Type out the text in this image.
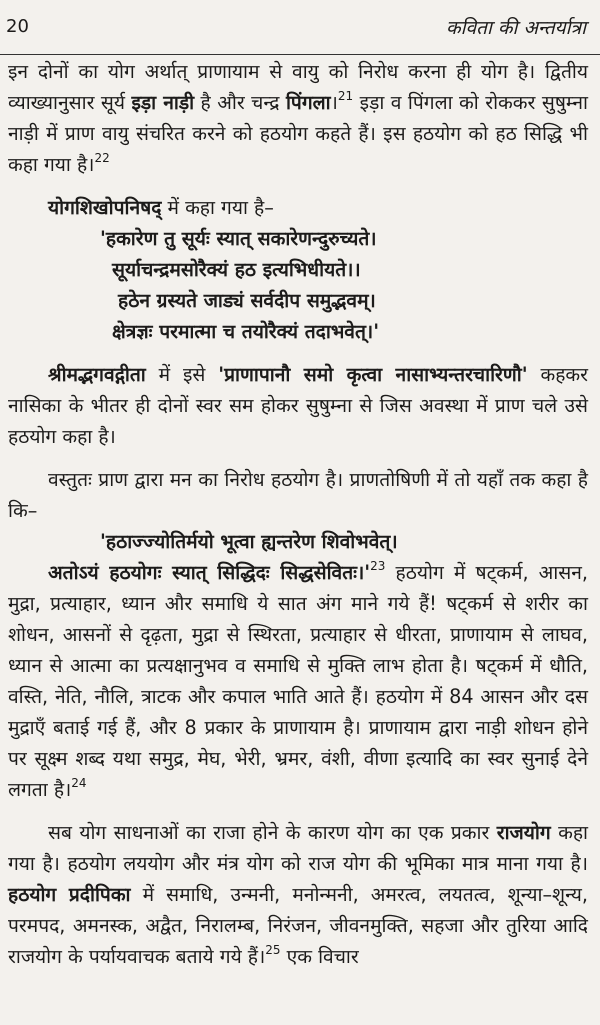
20	कविता की अन्तर्यात्रा

इन दोनों का योग अर्थात् प्राणायाम से वायु को निरोध करना ही योग है। द्वितीय व्याख्यानुसार सूर्य इड़ा नाड़ी है और चन्द्र पिंगला।$^{21}$ इड़ा व पिंगला को रोककर सुषुम्ना नाड़ी में प्राण वायु संचरित करने को हठयोग कहते हैं। इस हठयोग को हठ सिद्धि भी कहा गया है।$^{22}$

योगशिखोपनिषद् में कहा गया है–

'हकारेण तु सूर्यः स्यात् सकारेणन्दुरुच्यते।

सूर्याचन्द्रमसोरैक्यं हठ इत्यभिधीयते।।

हठेन ग्रस्यते जाड्यं सर्वदीप समुद्भवम्।

क्षेत्रज्ञः परमात्मा च तयोरैक्यं तदाभवेत्।'

श्रीमद्भगवद्गीता में इसे 'प्राणापानौ समो कृत्वा नासाभ्यन्तरचारिणौ' कहकर नासिका के भीतर ही दोनों स्वर सम होकर सुषुम्ना से जिस अवस्था में प्राण चले उसे हठयोग कहा है।

वस्तुतः प्राण द्वारा मन का निरोध हठयोग है। प्राणतोषिणी में तो यहाँ तक कहा है कि–

'हठाज्ज्योतिर्मयो भूत्वा ह्यन्तरेण शिवोभवेत्।

अतोऽयं हठयोगः स्यात् सिद्धिदः $सिद्धसेवितः।'^{23}$ हठयोग में षट्कर्म, आसन, मुद्रा, प्रत्याहार, ध्यान और समाधि ये सात अंग माने गये हैं! षट्कर्म से शरीर का शोधन, आसनों से दृढ़ता, मुद्रा से स्थिरता, प्रत्याहार से धीरता, प्राणायाम से लाघव, ध्यान से आत्मा का प्रत्यक्षानुभव व समाधि से मुक्ति लाभ होता है। षट्कर्म में धौति, वस्ति, नेति, नौलि, त्राटक और कपाल भाति आते हैं। हठयोग में 84 आसन और दस मुद्राएँ बताई गई हैं, और 8 प्रकार के प्राणायाम है। प्राणायाम द्वारा नाड़ी शोधन होने पर सूक्ष्म शब्द यथा समुद्र, मेघ, भेरी, भ्रमर, वंशी, वीणा इत्यादि का स्वर सुनाई देने लगता है।$^{24}$

सब योग साधनाओं का राजा होने के कारण योग का एक प्रकार राजयोग कहा गया है। हठयोग लययोग और मंत्र योग को राज योग की भूमिका मात्र माना गया है। हठयोग प्रदीपिका में समाधि, उन्मनी, मनोन्मनी, अमरत्व, लयतत्व, शून्या–शून्य, परमपद, अमनस्क, अद्वैत, निरालम्ब, निरंजन, जीवनमुक्ति, सहजा और तुरिया आदि राजयोग के पर्यायवाचक बताये गये हैं।$^{25}$ एक विचार
